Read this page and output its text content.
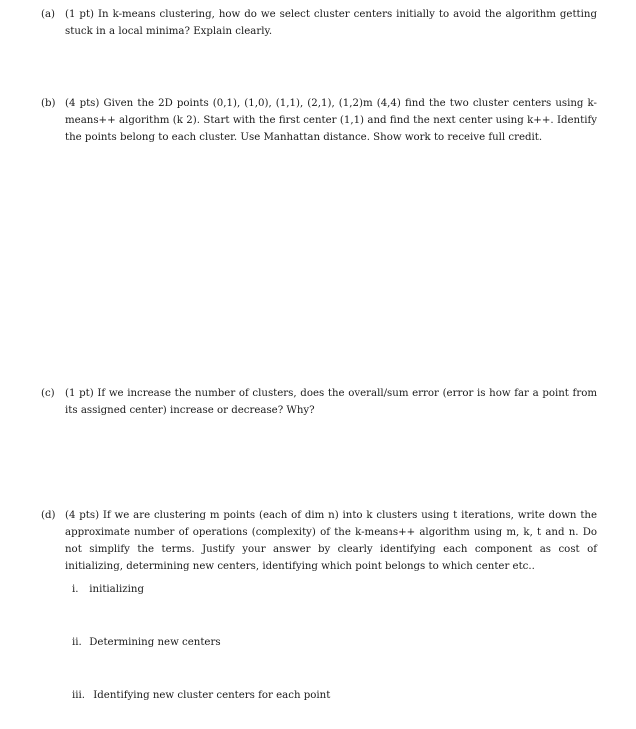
(a) (1 pt) In k-means clustering, how do we select cluster centers initially to avoid the algorithm getting stuck in a local minima? Explain clearly.
(b) (4 pts) Given the 2D points (0,1), (1,0), (1,1), (2,1), (1,2)m (4,4) find the two cluster centers using k-means++ algorithm (k 2). Start with the first center (1,1) and find the next center using k++. Identify the points belong to each cluster. Use Manhattan distance. Show work to receive full credit.
(c)	(1 pt) If we increase the number of clusters, does the overall/sum error (error is how far a point from its assigned center) increase or decrease? Why?
(d) (4 pts) If we are clustering m points (each of dim n) into k clusters using t iterations, write down the approximate number of operations (complexity) of the k-means++ algorithm using m, k, t and n. Do not simplify the terms. Justify your answer by clearly identifying each component as cost of initializing, determining new centers, identifying which point belongs to which center etc..
i. initializing
ii. Determining new centers
iii. Identifying new cluster centers for each point
